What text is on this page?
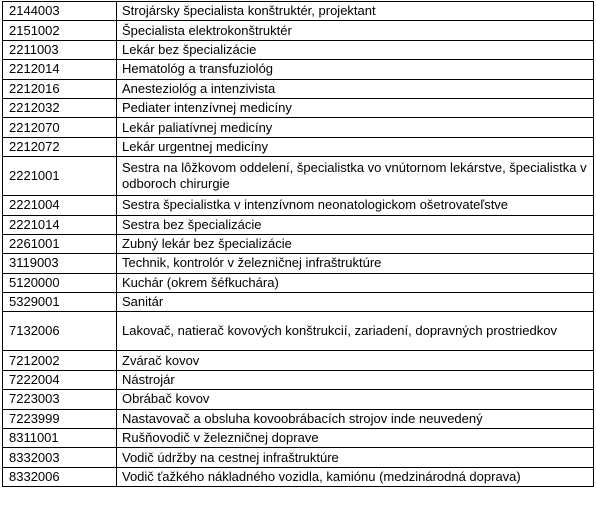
2144003	Strojársky špecialista konštruktér, projektant
2151002	Špecialista elektrokonštruktér
2211003	Lekár bez špecializácie
2212014	Hematológ a transfuziológ
2212016	Anesteziológ a intenzivista
2212032	Pediater intenzívnej medicíny
2212070	Lekár paliatívnej medicíny
2212072	Lekár urgentnej medicíny
2221001	Sestra na lôžkovom oddelení, špecialistka vo vnútornom lekárstve, špecialistka v odboroch chirurgie
2221004	Sestra špecialistka v intenzívnom neonatologickom ošetrovateľstve
2221014	Sestra bez špecializácie
2261001	Zubný lekár bez špecializácie
3119003	Technik, kontrolór v železničnej infraštruktúre
5120000	Kuchár (okrem šéfkuchára)
5329001	Sanitár
7132006	Lakovač, natierač kovových konštrukcií, zariadení, dopravných prostriedkov
7212002	Zvárač kovov
7222004	Nástrojár
7223003	Obrábač kovov
7223999	Nastavovač a obsluha kovoobrábacích strojov inde neuvedený
8311001	Rušňovodič v železničnej doprave
8332003	Vodič údržby na cestnej infraštruktúre
8332006	Vodič ťažkého nákladného vozidla, kamiónu (medzinárodná doprava)
